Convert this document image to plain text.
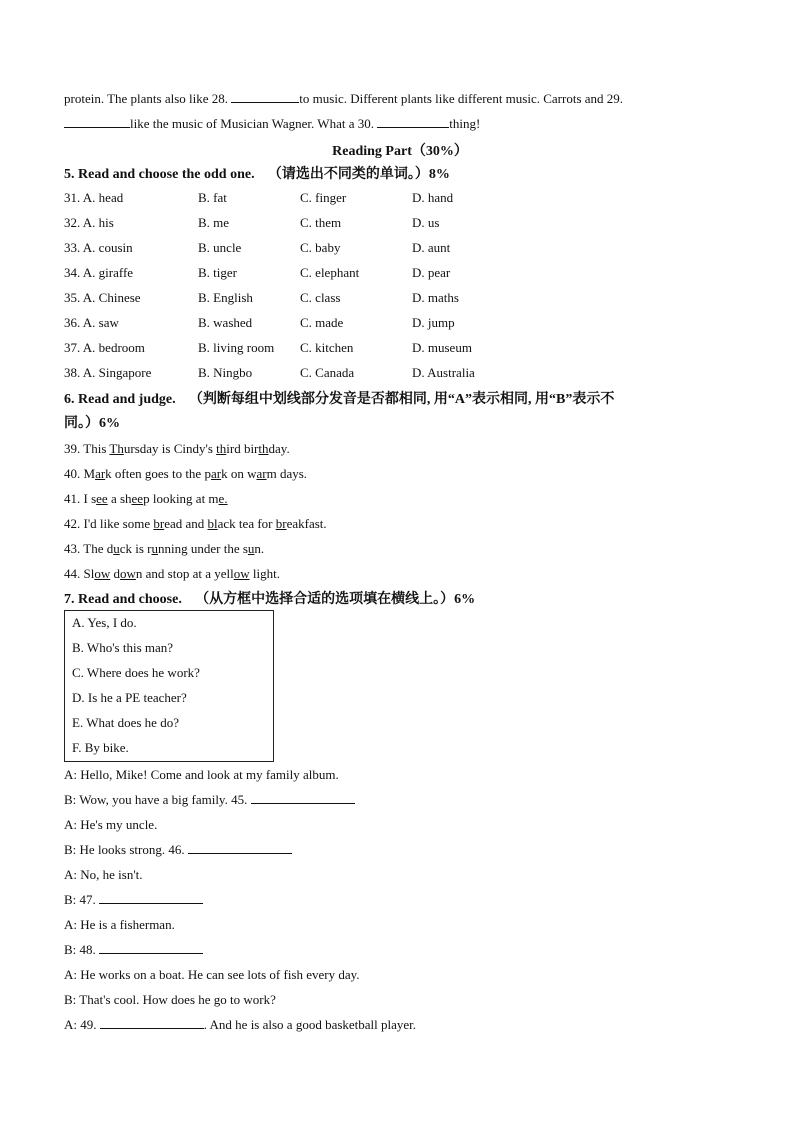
protein. The plants also like 28.	to music. Different plants like different music. Carrots and 29.
like the music of Musician Wagner. What a 30.	thing!
Reading Part（30%）
5. Read and choose the odd one. （请选出不同类的单词。）8%
31. A. head	B. fat	C. finger	D. hand
32. A. his	B. me	C. them	D. us
33. A. cousin	B. uncle	C. baby	D. aunt
34. A. giraffe	B. tiger	C. elephant	D. pear
35. A. Chinese	B. English	C. class	D. maths
36. A. saw	B. washed	C. made	D. jump
37. A. bedroom	B. living room C. kitchen	D. museum
38. A. Singapore	B. Ningbo	C. Canada	D. Australia
6. Read and judge. （判断每组中划线部分发音是否都相同, 用“A”表示相同, 用“B”表示不
同。）6%
39. This Thursday is Cindy's third birthday.
40. Mark often goes to the park on warm days.
41. I see a sheep looking at me.
42. I'd like some bread and black tea for breakfast.
43. The duck is running under the sun.
44. Slow down and stop at a yellow light.
7. Read and choose. （从方框中选择合适的选项填在横线上。）6%
A. Yes, I do.
B. Who's this man?
C. Where does he work?
D. Is he a PE teacher?
E. What does he do?
F. By bike.
A: Hello, Mike! Come and look at my family album.
B: Wow, you have a big family. 45.
A: He's my uncle.
B: He looks strong. 46.
A: No, he isn't.
B: 47.
A: He is a fisherman.
B: 48.
A: He works on a boat. He can see lots of fish every day.
B: That's cool. How does he go to work?
A: 49.	. And he is also a good basketball player.
